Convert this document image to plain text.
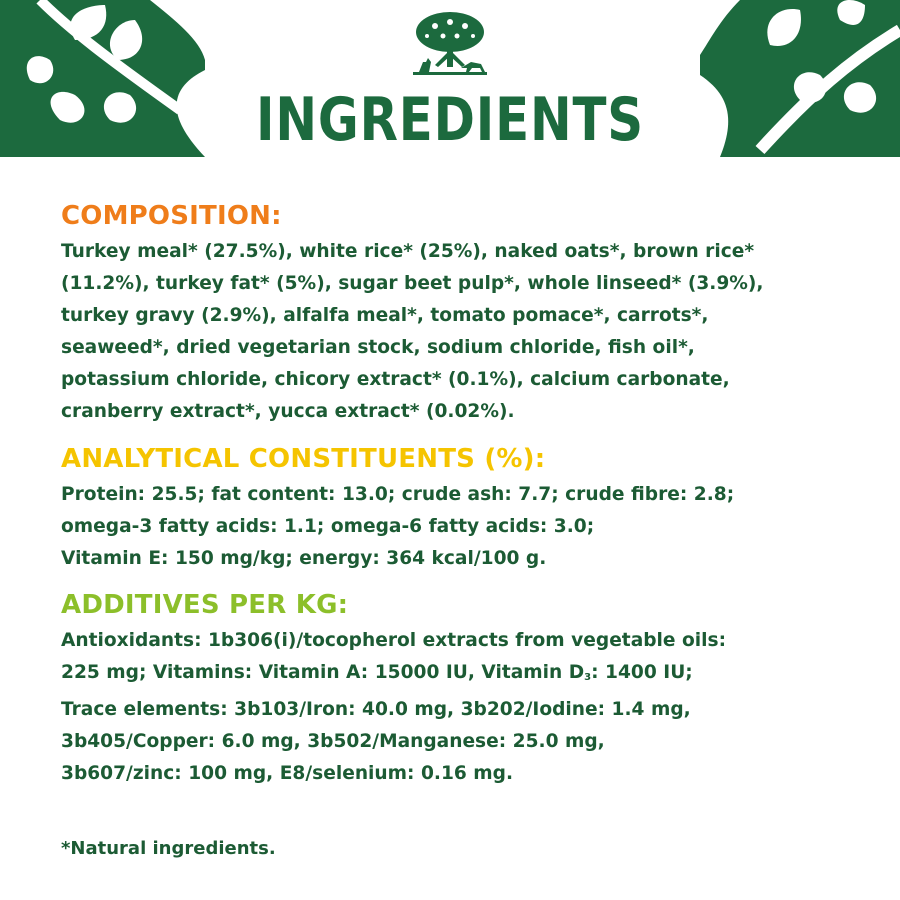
INGREDIENTS
COMPOSITION:
Turkey meal* (27.5%), white rice* (25%), naked oats*, brown rice*
(11.2%), turkey fat* (5%), sugar beet pulp*, whole linseed* (3.9%),
turkey gravy (2.9%), alfalfa meal*, tomato pomace*, carrots*,
seaweed*, dried vegetarian stock, sodium chloride, fish oil*,
potassium chloride, chicory extract* (0.1%), calcium carbonate,
cranberry extract*, yucca extract* (0.02%).
ANALYTICAL CONSTITUENTS (%):
Protein: 25.5; fat content: 13.0; crude ash: 7.7; crude fibre: 2.8;
omega-3 fatty acids: 1.1; omega-6 fatty acids: 3.0;
Vitamin E: 150 mg/kg; energy: 364 kcal/100 g.
ADDITIVES PER KG:
Antioxidants: 1b306(i)/tocopherol extracts from vegetable oils:
225 mg; Vitamins: Vitamin A: 15000 IU, Vitamin $D_3$: 1400 IU;
Trace elements: 3b103/Iron: 40.0 mg, 3b202/Iodine: 1.4 mg,
3b405/Copper: 6.0 mg, 3b502/Manganese: 25.0 mg,
3b607/zinc: 100 mg, E8/selenium: 0.16 mg.
*Natural ingredients.
